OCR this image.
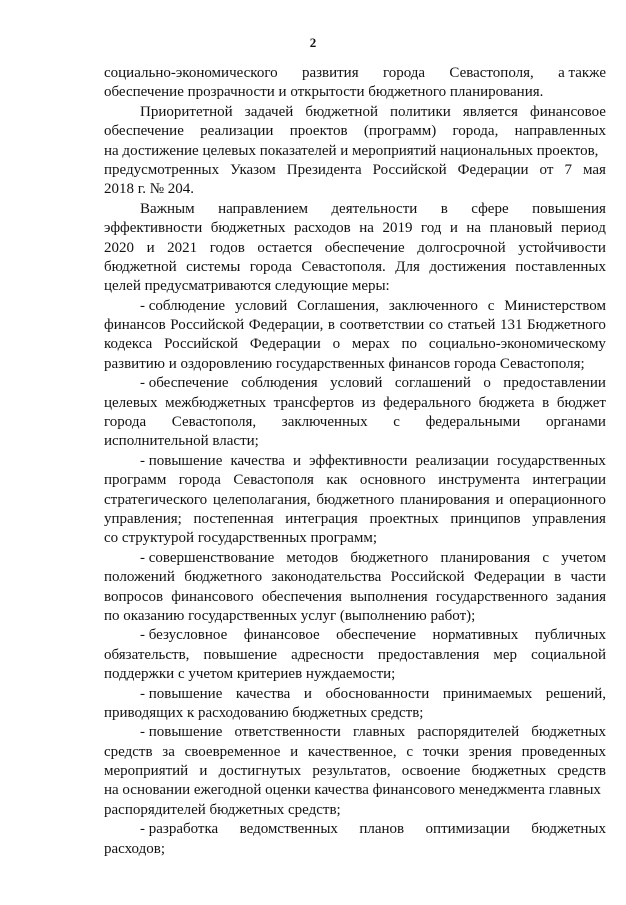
2
социально-экономического развития города Севастополя, а также
обеспечение прозрачности и открытости бюджетного планирования.
Приоритетной задачей бюджетной политики является финансовое
обеспечение реализации проектов (программ) города, направленных
на достижение целевых показателей и мероприятий национальных проектов,
предусмотренных Указом Президента Российской Федерации от 7 мая
2018 г. № 204.
Важным направлением деятельности в сфере повышения
эффективности бюджетных расходов на 2019 год и на плановый период
2020 и 2021 годов остается обеспечение долгосрочной устойчивости
бюджетной системы города Севастополя. Для достижения поставленных
целей предусматриваются следующие меры:
- соблюдение условий Соглашения, заключенного с Министерством
финансов Российской Федерации, в соответствии со статьей 131 Бюджетного
кодекса Российской Федерации о мерах по социально-экономическому
развитию и оздоровлению государственных финансов города Севастополя;
- обеспечение соблюдения условий соглашений о предоставлении
целевых межбюджетных трансфертов из федерального бюджета в бюджет
города Севастополя, заключенных с федеральными органами
исполнительной власти;
- повышение качества и эффективности реализации государственных
программ города Севастополя как основного инструмента интеграции
стратегического целеполагания, бюджетного планирования и операционного
управления; постепенная интеграция проектных принципов управления
со структурой государственных программ;
- совершенствование методов бюджетного планирования с учетом
положений бюджетного законодательства Российской Федерации в части
вопросов финансового обеспечения выполнения государственного задания
по оказанию государственных услуг (выполнению работ);
- безусловное финансовое обеспечение нормативных публичных
обязательств, повышение адресности предоставления мер социальной
поддержки с учетом критериев нуждаемости;
- повышение качества и обоснованности принимаемых решений,
приводящих к расходованию бюджетных средств;
- повышение ответственности главных распорядителей бюджетных
средств за своевременное и качественное, с точки зрения проведенных
мероприятий и достигнутых результатов, освоение бюджетных средств
на основании ежегодной оценки качества финансового менеджмента главных
распорядителей бюджетных средств;
- разработка ведомственных планов оптимизации бюджетных
расходов;
